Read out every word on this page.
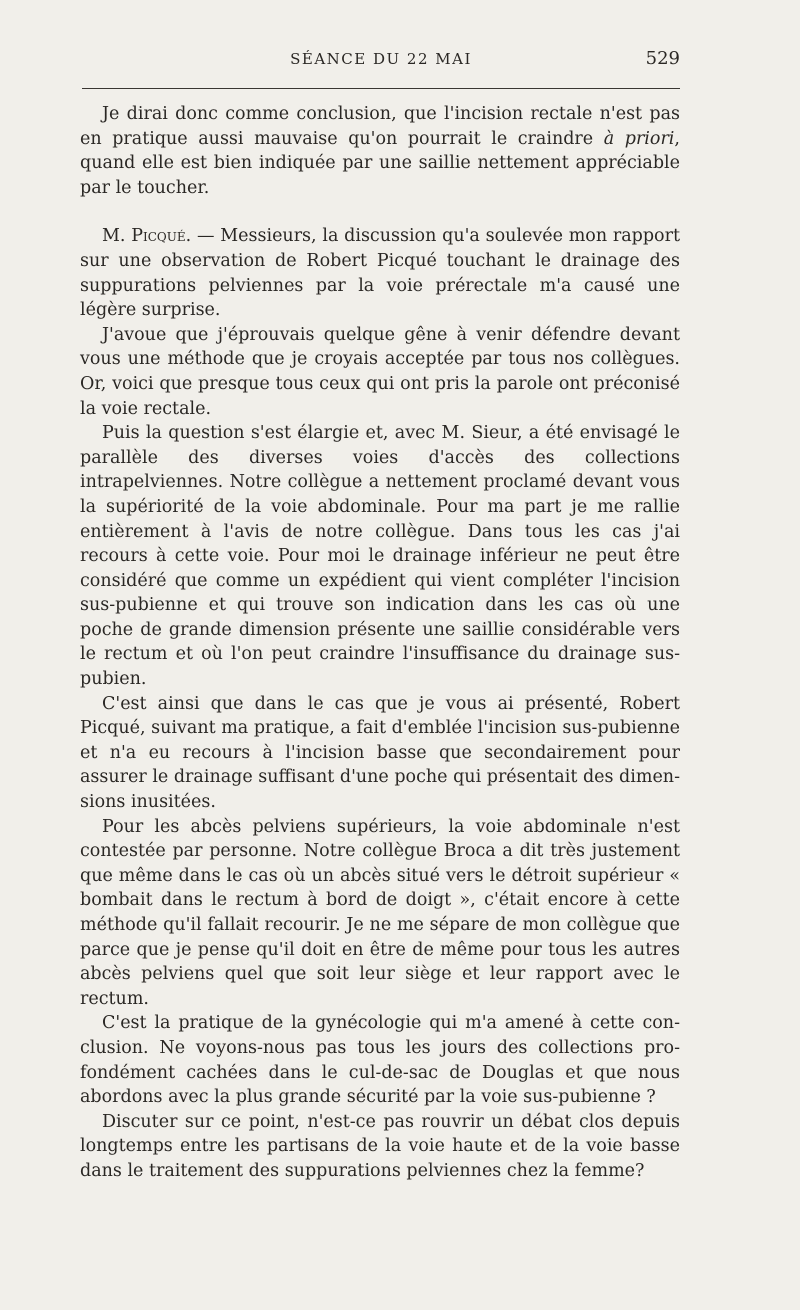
SÉANCE DU 22 MAI	529

Je dirai donc comme conclusion, que l'incision rectale n'est pas en pratique aussi mauvaise qu'on pourrait le craindre à priori, quand elle est bien indiquée par une saillie nettement appréciable par le toucher.

M. Picqué. — Messieurs, la discussion qu'a soulevée mon rapport sur une observation de Robert Picqué touchant le drainage des suppurations pelviennes par la voie prérectale m'a causé une légère surprise.

J'avoue que j'éprouvais quelque gêne à venir défendre devant vous une méthode que je croyais acceptée par tous nos collègues. Or, voici que presque tous ceux qui ont pris la parole ont préconisé la voie rectale.

Puis la question s'est élargie et, avec M. Sieur, a été envisagé le parallèle des diverses voies d'accès des collections intrapelviennes. Notre collègue a nettement proclamé devant vous la supériorité de la voie abdominale. Pour ma part je me rallie entièrement à l'avis de notre collègue. Dans tous les cas j'ai recours à cette voie. Pour moi le drainage inférieur ne peut être considéré que comme un expédient qui vient compléter l'incision sus-pubienne et qui trouve son indication dans les cas où une poche de grande dimension présente une saillie considérable vers le rectum et où l'on peut craindre l'insuffisance du drainage sus-pubien.

C'est ainsi que dans le cas que je vous ai présenté, Robert Picqué, suivant ma pratique, a fait d'emblée l'incision sus-pubienne et n'a eu recours à l'incision basse que secondairement pour assurer le drainage suffisant d'une poche qui présentait des dimensions inusitées.

Pour les abcès pelviens supérieurs, la voie abdominale n'est contestée par personne. Notre collègue Broca a dit très justement que même dans le cas où un abcès situé vers le détroit supérieur « bombait dans le rectum à bord de doigt », c'était encore à cette méthode qu'il fallait recourir. Je ne me sépare de mon collègue que parce que je pense qu'il doit en être de même pour tous les autres abcès pelviens quel que soit leur siège et leur rapport avec le rectum.

C'est la pratique de la gynécologie qui m'a amené à cette conclusion. Ne voyons-nous pas tous les jours des collections profondément cachées dans le cul-de-sac de Douglas et que nous abordons avec la plus grande sécurité par la voie sus-pubienne ?

Discuter sur ce point, n'est-ce pas rouvrir un débat clos depuis longtemps entre les partisans de la voie haute et de la voie basse dans le traitement des suppurations pelviennes chez la femme?
